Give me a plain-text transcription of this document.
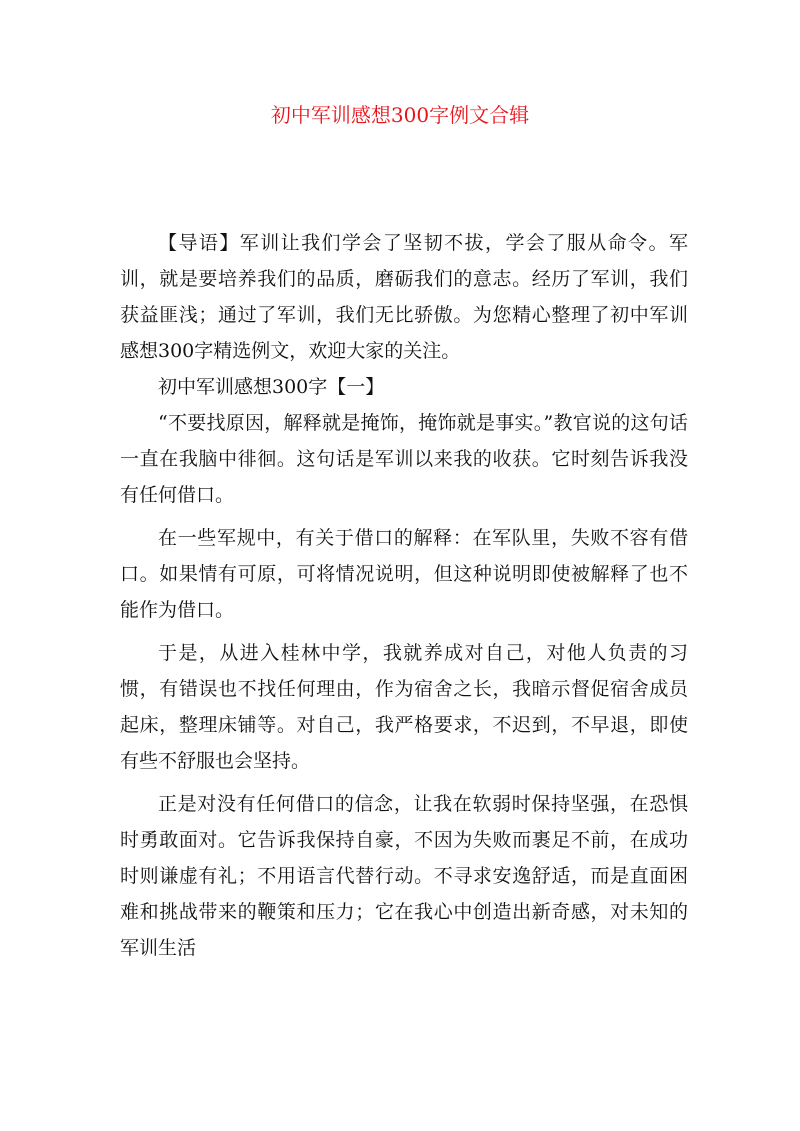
初中军训感想300字例文合辑

【导语】军训让我们学会了坚韧不拔，学会了服从命令。军训，就是要培养我们的品质，磨砺我们的意志。经历了军训，我们获益匪浅；通过了军训，我们无比骄傲。为您精心整理了初中军训感想300字精选例文，欢迎大家的关注。

初中军训感想300字【一】

“不要找原因，解释就是掩饰，掩饰就是事实。”教官说的这句话一直在我脑中徘徊。这句话是军训以来我的收获。它时刻告诉我没有任何借口。

在一些军规中，有关于借口的解释：在军队里，失败不容有借口。如果情有可原，可将情况说明，但这种说明即使被解释了也不能作为借口。

于是，从进入桂林中学，我就养成对自己，对他人负责的习惯，有错误也不找任何理由，作为宿舍之长，我暗示督促宿舍成员起床，整理床铺等。对自己，我严格要求，不迟到，不早退，即使有些不舒服也会坚持。

正是对没有任何借口的信念，让我在软弱时保持坚强，在恐惧时勇敢面对。它告诉我保持自豪，不因为失败而裹足不前，在成功时则谦虚有礼；不用语言代替行动。不寻求安逸舒适，而是直面困难和挑战带来的鞭策和压力；它在我心中创造出新奇感，对未知的军训生活
